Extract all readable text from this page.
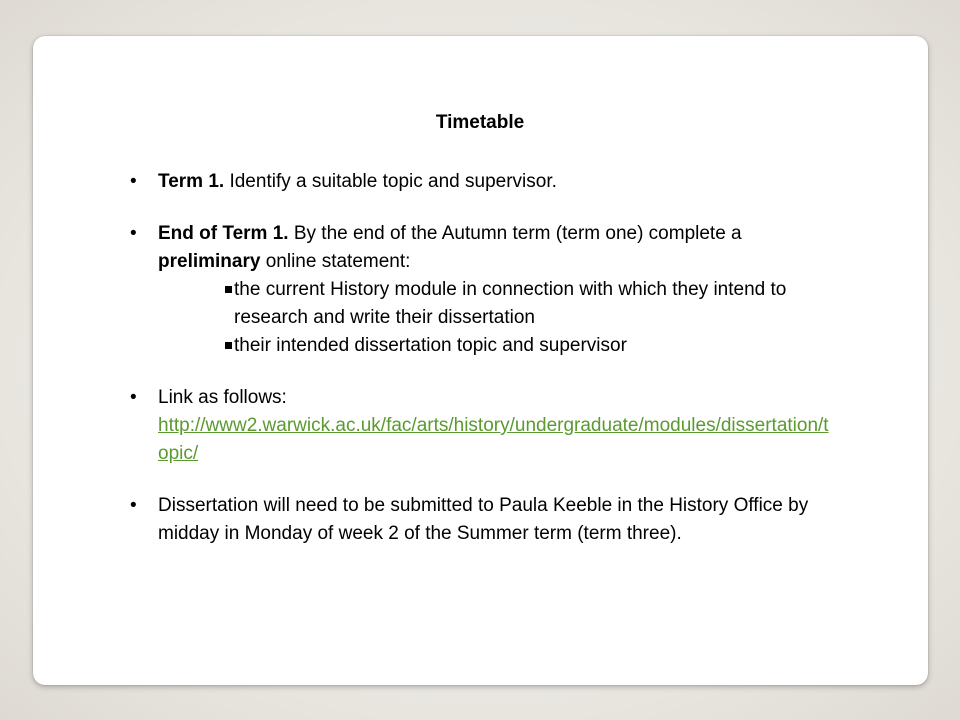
Timetable
• Term 1. Identify a suitable topic and supervisor.
• End of Term 1. By the end of the Autumn term (term one) complete a preliminary online statement:
the current History module in connection with which they intend to research and write their dissertation
their intended dissertation topic and supervisor
• Link as follows:
http://www2.warwick.ac.uk/fac/arts/history/undergraduate/modules/dissertation/topic/
• Dissertation will need to be submitted to Paula Keeble in the History Office by midday in Monday of week 2 of the Summer term (term three).
